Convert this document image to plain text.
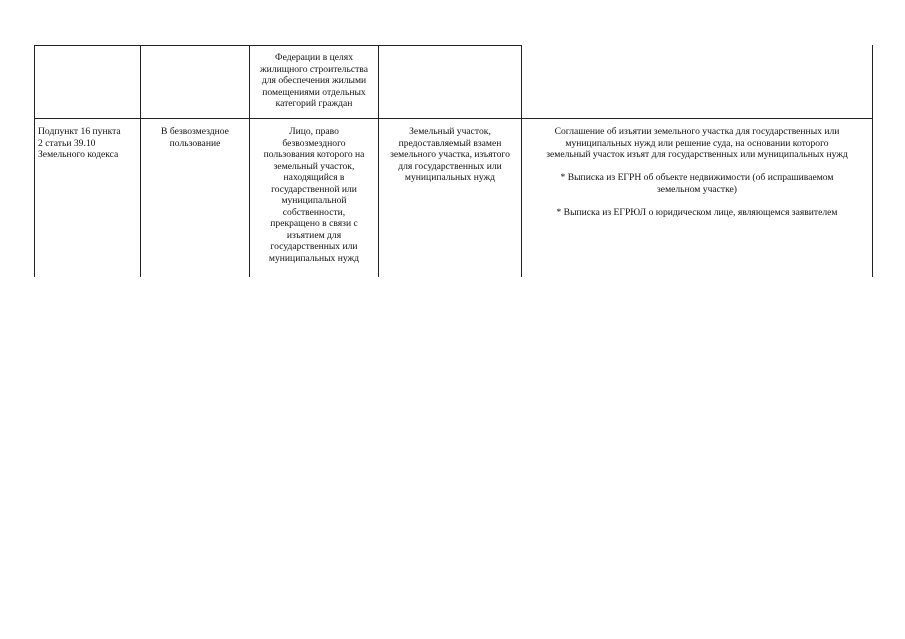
Федерации в целях

жилищного строительства

для обеспечения жилыми

помещениями отдельных

категорий граждан

Подпункт 16 пункта

2 статьи 39.10

Земельного кодекса

В безвозмездное

пользование

Лицо, право

безвозмездного

пользования которого на

земельный участок,

находящийся в

государственной или

муниципальной

собственности,

прекращено в связи с

изъятием для

государственных или

муниципальных нужд

Земельный участок,

предоставляемый взамен

земельного участка, изъятого

для государственных или

муниципальных нужд

Соглашение об изъятии земельного участка для государственных или

муниципальных нужд или решение суда, на основании которого

земельный участок изъят для государственных или муниципальных нужд

* Выписка из ЕГРН об объекте недвижимости (об испрашиваемом

земельном участке)

* Выписка из ЕГРЮЛ о юридическом лице, являющемся заявителем
